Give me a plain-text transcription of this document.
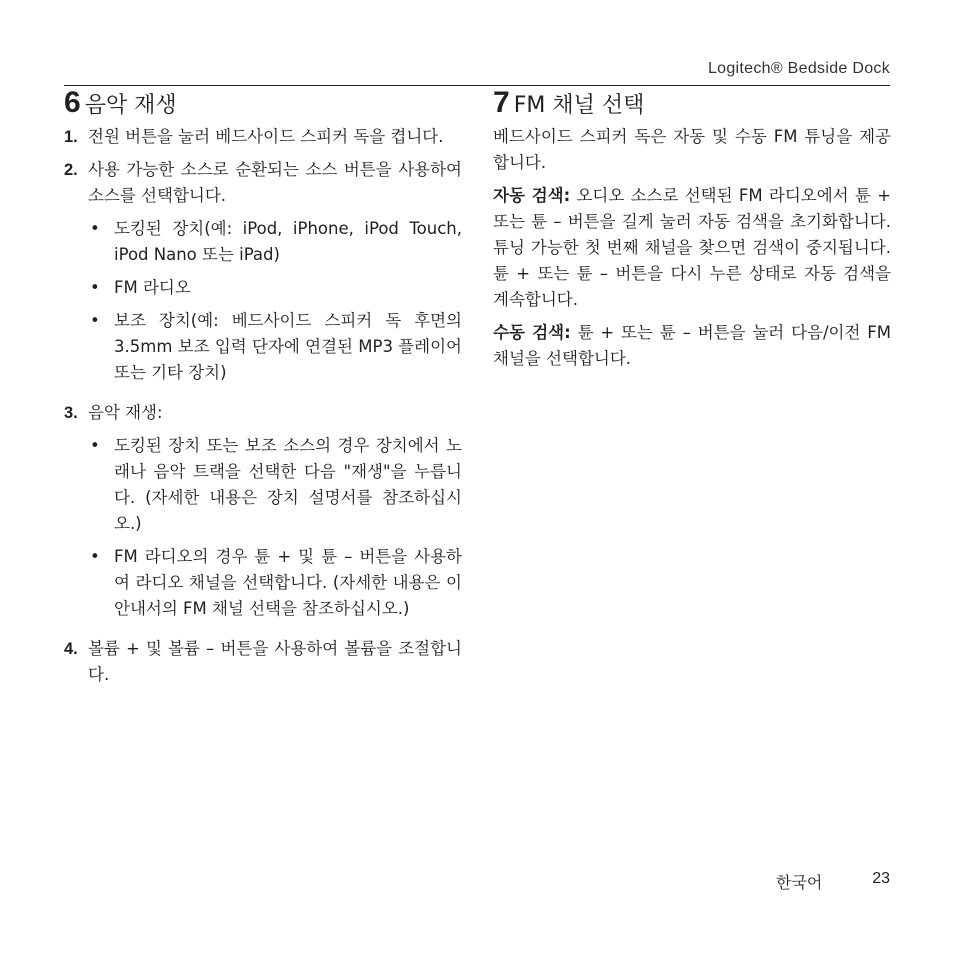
Logitech® Bedside Dock
6 음악 재생
1. 전원 버튼을 눌러 베드사이드 스피커 독을 켭니다.
2. 사용 가능한 소스로 순환되는 소스 버튼을 사용하여 소스를 선택합니다.
• 도킹된 장치(예: iPod, iPhone, iPod Touch, iPod Nano 또는 iPad)
• FM 라디오
• 보조 장치(예: 베드사이드 스피커 독 후면의 3.5mm 보조 입력 단자에 연결된 MP3 플레이어 또는 기타 장치)
3. 음악 재생:
• 도킹된 장치 또는 보조 소스의 경우 장치에서 노래나 음악 트랙을 선택한 다음 "재생"을 누릅니다. (자세한 내용은 장치 설명서를 참조하십시오.)
• FM 라디오의 경우 튠 + 및 튠 – 버튼을 사용하여 라디오 채널을 선택합니다. (자세한 내용은 이 안내서의 FM 채널 선택을 참조하십시오.)
4. 볼륨 + 및 볼륨 – 버튼을 사용하여 볼륨을 조절합니다.
7 FM 채널 선택

베드사이드 스피커 독은 자동 및 수동 FM 튜닝을 제공합니다.

자동 검색: 오디오 소스로 선택된 FM 라디오에서 튠 + 또는 튠 – 버튼을 길게 눌러 자동 검색을 초기화합니다. 튜닝 가능한 첫 번째 채널을 찾으면 검색이 중지됩니다. 튠 + 또는 튠 – 버튼을 다시 누른 상태로 자동 검색을 계속합니다.

수동 검색: 튠 + 또는 튠 – 버튼을 눌러 다음/이전 FM 채널을 선택합니다.

한국어	23
